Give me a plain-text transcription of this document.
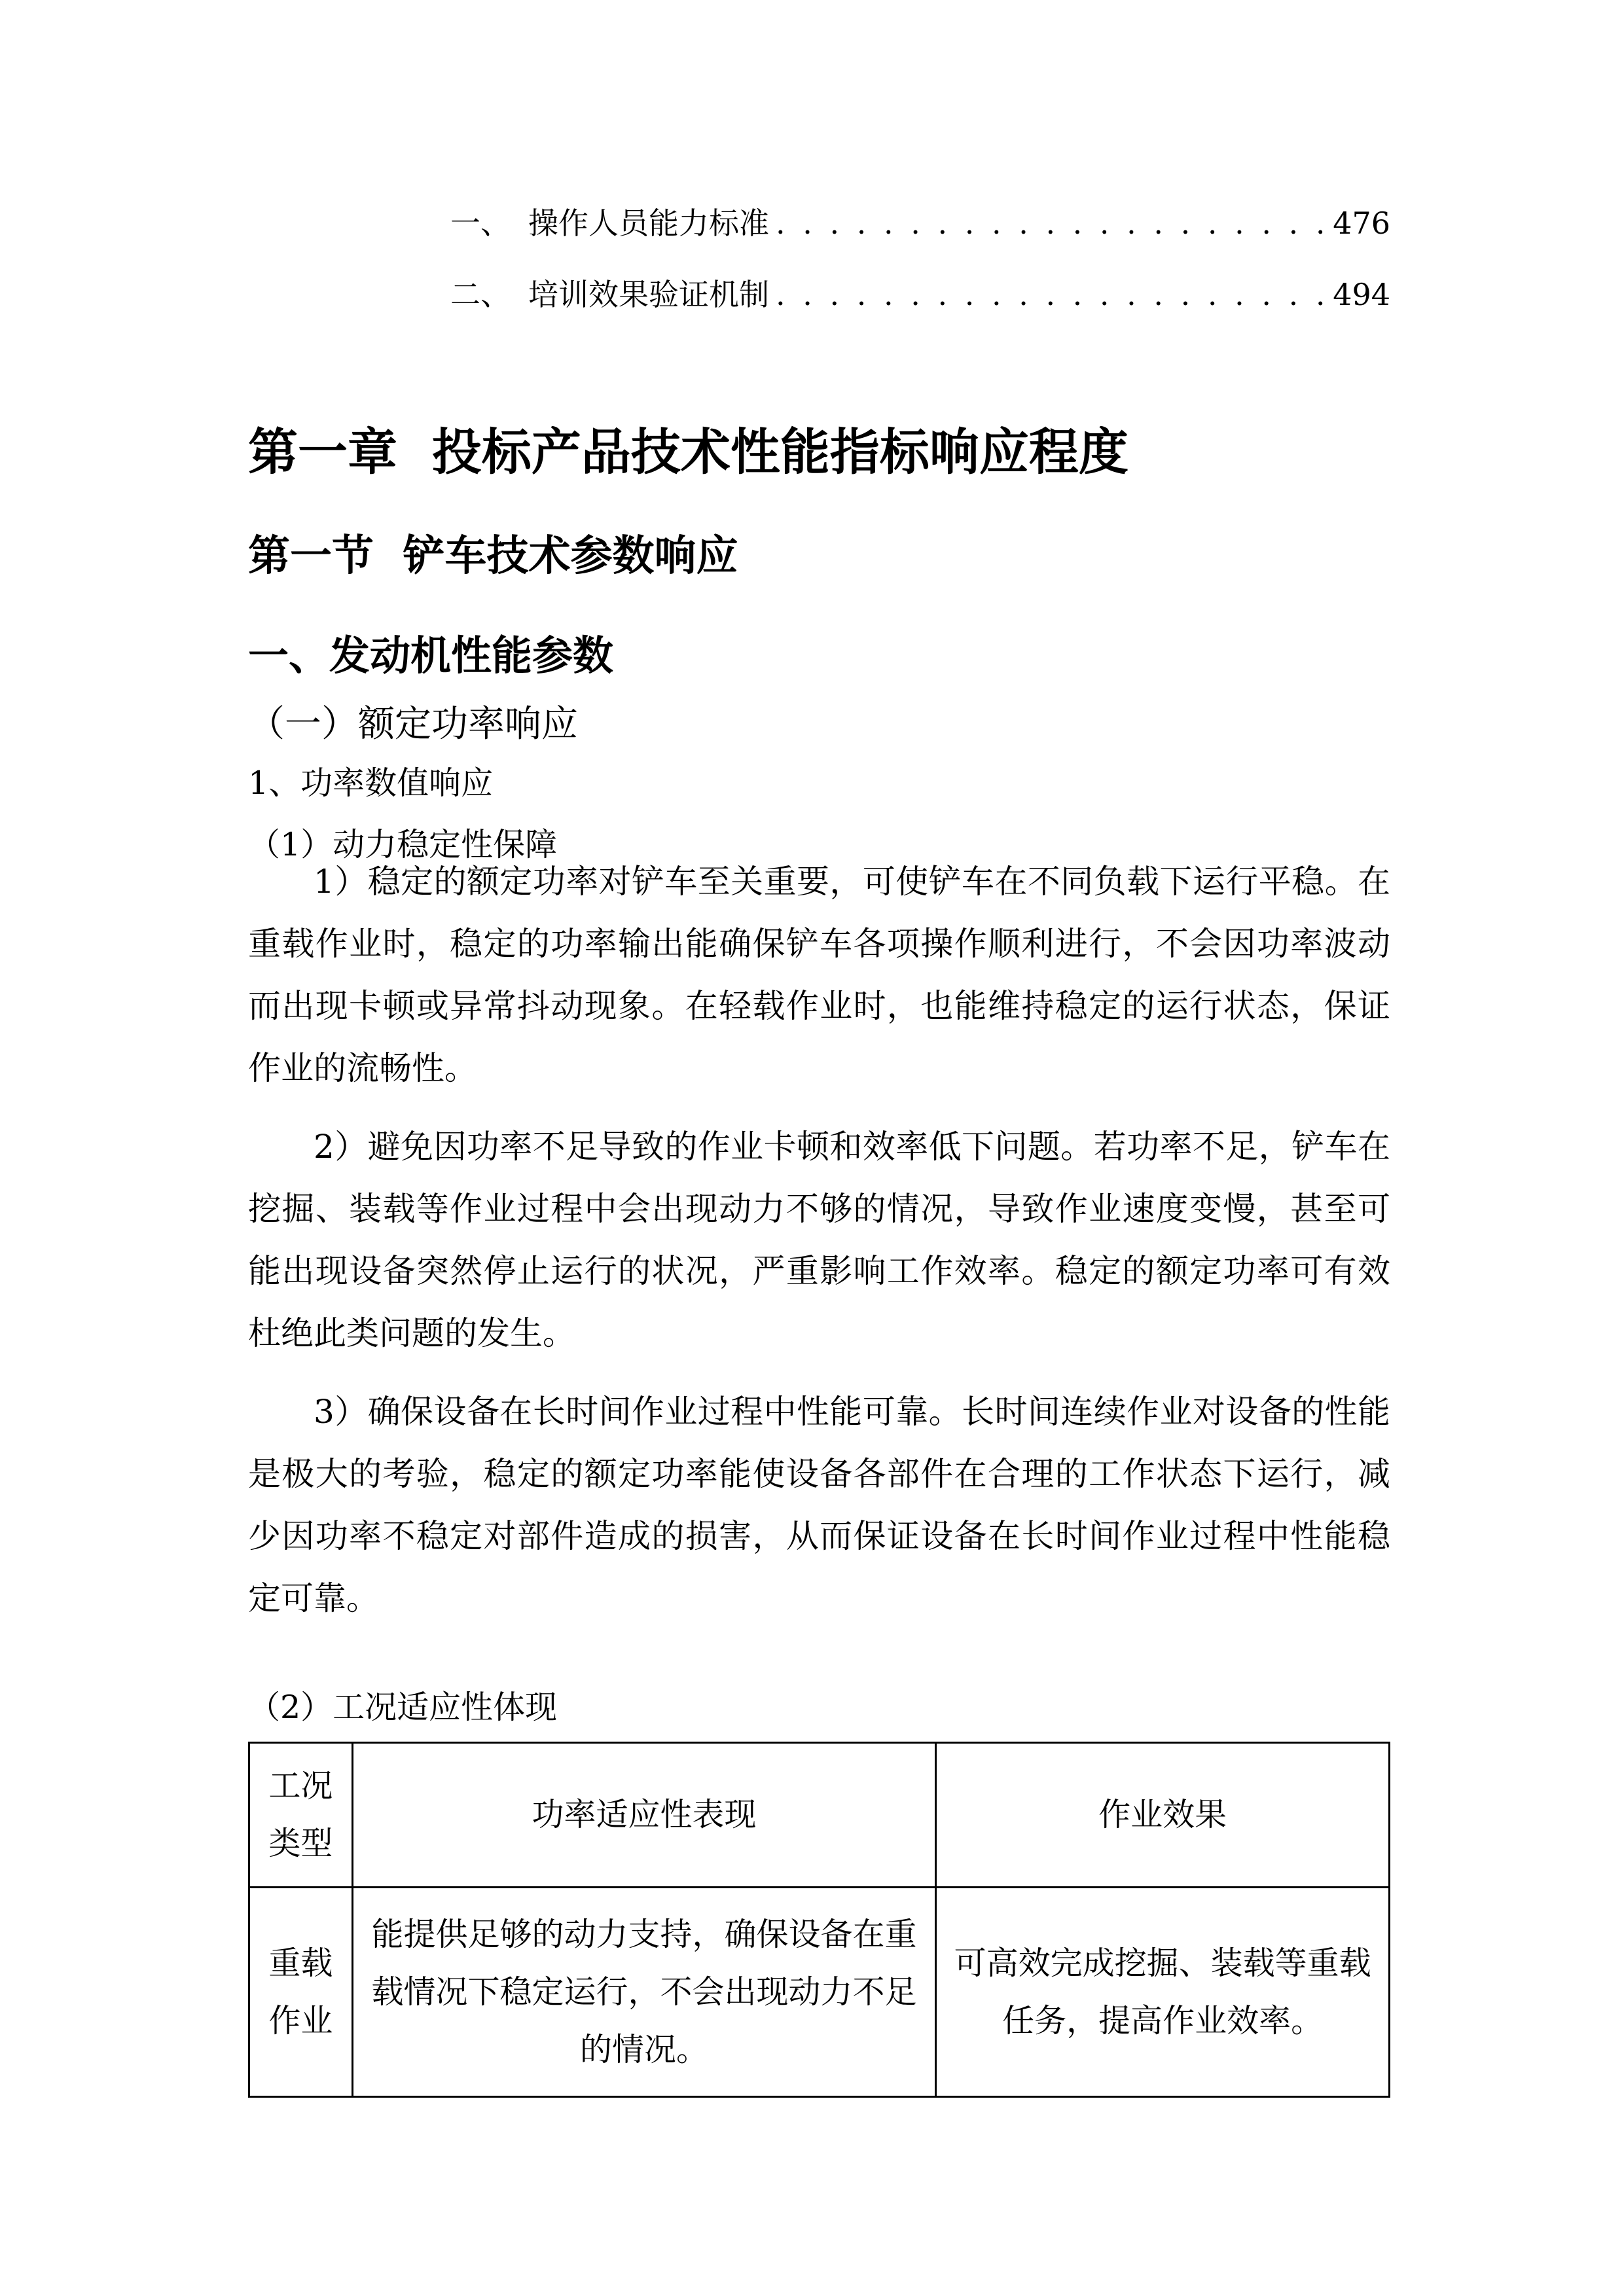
一、 操作人员能力标准 . . .	476
二、 培训效果验证机制 . . .	494
第一章  投标产品技术性能指标响应程度
第一节  铲车技术参数响应
一、发动机性能参数
（一）额定功率响应
1、功率数值响应
（1）动力稳定性保障

1）稳定的额定功率对铲车至关重要，可使铲车在不同负载下运行平稳。在重载作业时，稳定的功率输出能确保铲车各项操作顺利进行，不会因功率波动而出现卡顿或异常抖动现象。在轻载作业时，也能维持稳定的运行状态，保证作业的流畅性。

2）避免因功率不足导致的作业卡顿和效率低下问题。若功率不足，铲车在挖掘、装载等作业过程中会出现动力不够的情况，导致作业速度变慢，甚至可能出现设备突然停止运行的状况，严重影响工作效率。稳定的额定功率可有效杜绝此类问题的发生。

3）确保设备在长时间作业过程中性能可靠。长时间连续作业对设备的性能是极大的考验，稳定的额定功率能使设备各部件在合理的工作状态下运行，减少因功率不稳定对部件造成的损害，从而保证设备在长时间作业过程中性能稳定可靠。

（2）工况适应性体现
工况类型	功率适应性表现	作业效果
重载作业	能提供足够的动力支持，确保设备在重载情况下稳定运行，不会出现动力不足的情况。	可高效完成挖掘、装载等重载任务，提高作业效率。
